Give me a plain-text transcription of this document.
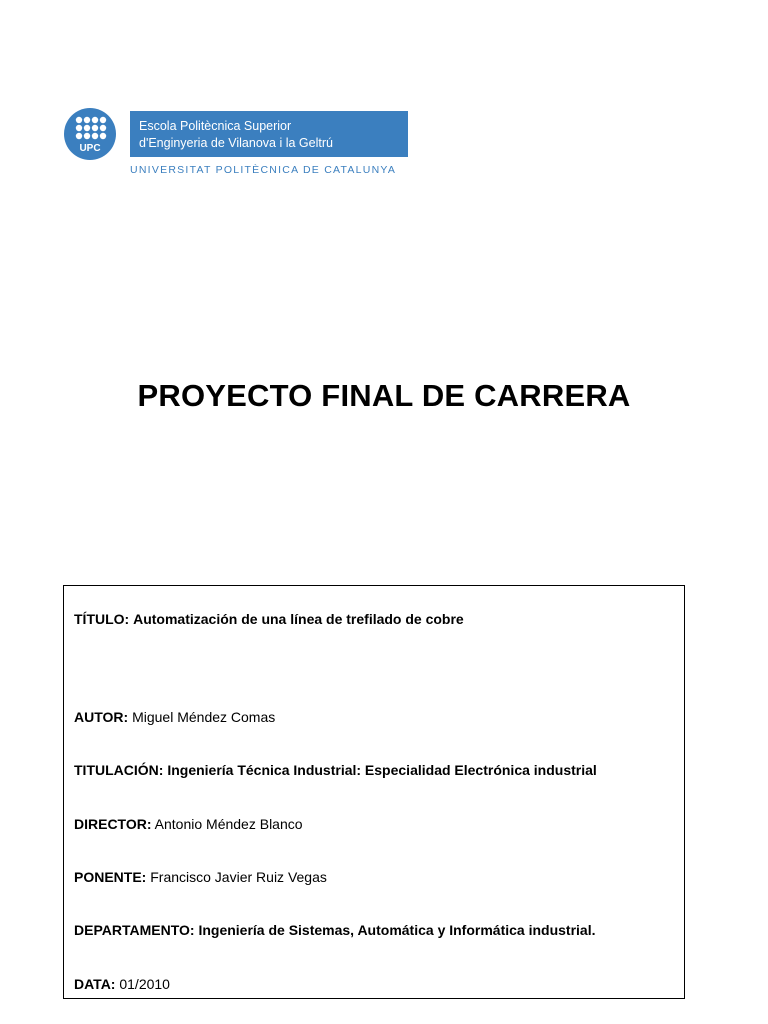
UPC
Escola Politècnica Superior
d'Enginyeria de Vilanova i la Geltrú
UNIVERSITAT POLITÈCNICA DE CATALUNYA
PROYECTO FINAL DE CARRERA
TÍTULO: Automatización de una línea de trefilado de cobre
AUTOR: Miguel Méndez Comas
TITULACIÓN: Ingeniería Técnica Industrial: Especialidad Electrónica industrial
DIRECTOR: Antonio Méndez Blanco
PONENTE: Francisco Javier Ruiz Vegas
DEPARTAMENTO: Ingeniería de Sistemas, Automática y Informática industrial.
DATA: 01/2010
